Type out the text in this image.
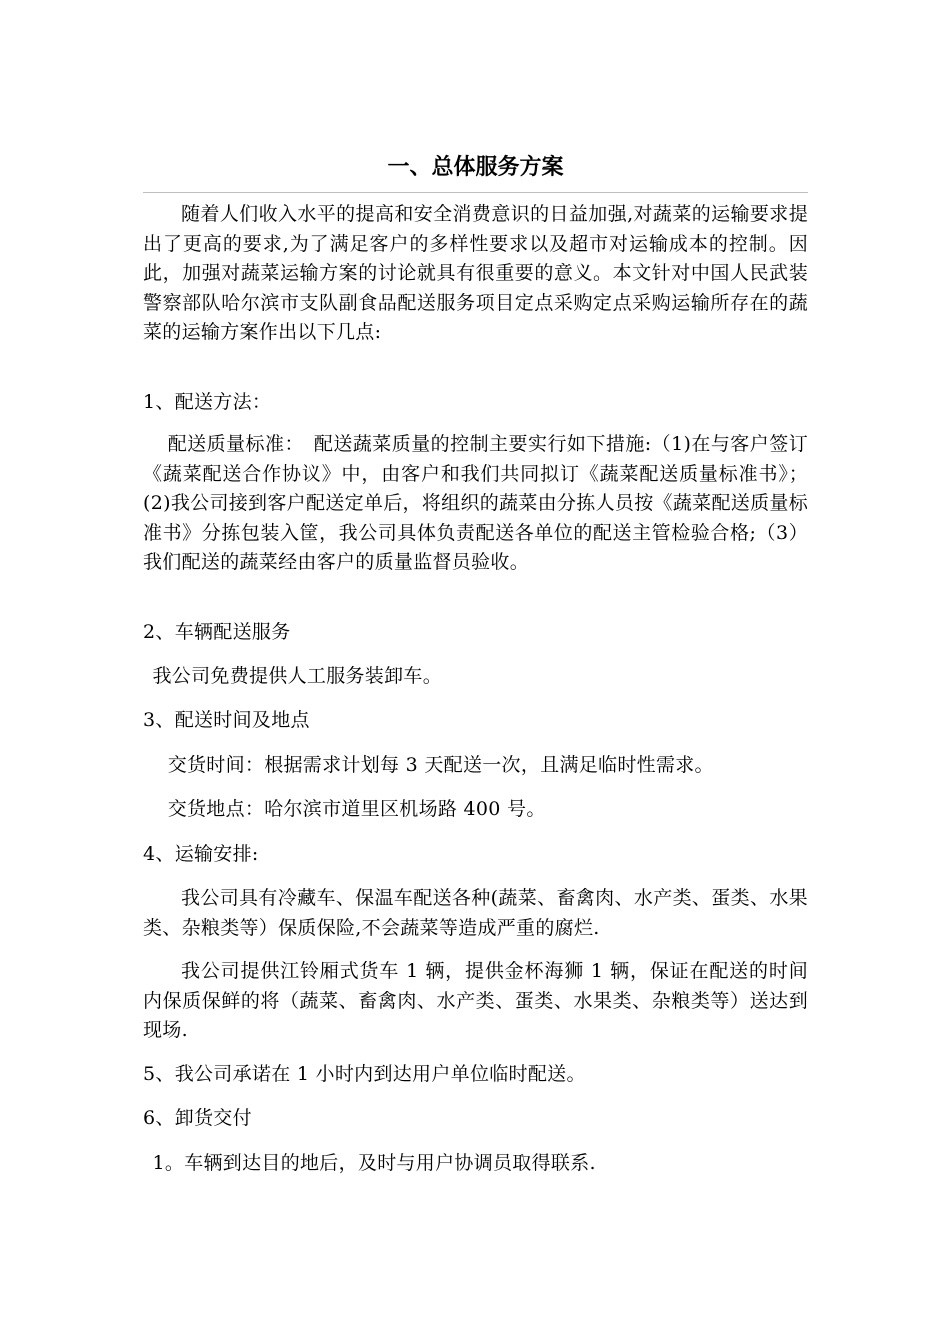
一、总体服务方案

随着人们收入水平的提高和安全消费意识的日益加强,对蔬菜的运输要求提出了更高的要求,为了满足客户的多样性要求以及超市对运输成本的控制。因此，加强对蔬菜运输方案的讨论就具有很重要的意义。本文针对中国人民武装警察部队哈尔滨市支队副食品配送服务项目定点采购定点采购运输所存在的蔬菜的运输方案作出以下几点:

1、配送方法：

配送质量标准：　配送蔬菜质量的控制主要实行如下措施:（1)在与客户签订《蔬菜配送合作协议》中，由客户和我们共同拟订《蔬菜配送质量标准书》；(2)我公司接到客户配送定单后，将组织的蔬菜由分拣人员按《蔬菜配送质量标准书》分拣包装入筐，我公司具体负责配送各单位的配送主管检验合格;（3）我们配送的蔬菜经由客户的质量监督员验收。

2、车辆配送服务

我公司免费提供人工服务装卸车。

3、配送时间及地点

交货时间：根据需求计划每 3 天配送一次，且满足临时性需求。

交货地点：哈尔滨市道里区机场路 400 号。

4、运输安排:

我公司具有冷藏车、保温车配送各种(蔬菜、畜禽肉、水产类、蛋类、水果类、杂粮类等）保质保险,不会蔬菜等造成严重的腐烂.

我公司提供江铃厢式货车 1 辆，提供金杯海狮 1 辆，保证在配送的时间内保质保鲜的将（蔬菜、畜禽肉、水产类、蛋类、水果类、杂粮类等）送达到现场.

5、我公司承诺在 1 小时内到达用户单位临时配送。

6、卸货交付

1。车辆到达目的地后，及时与用户协调员取得联系.
